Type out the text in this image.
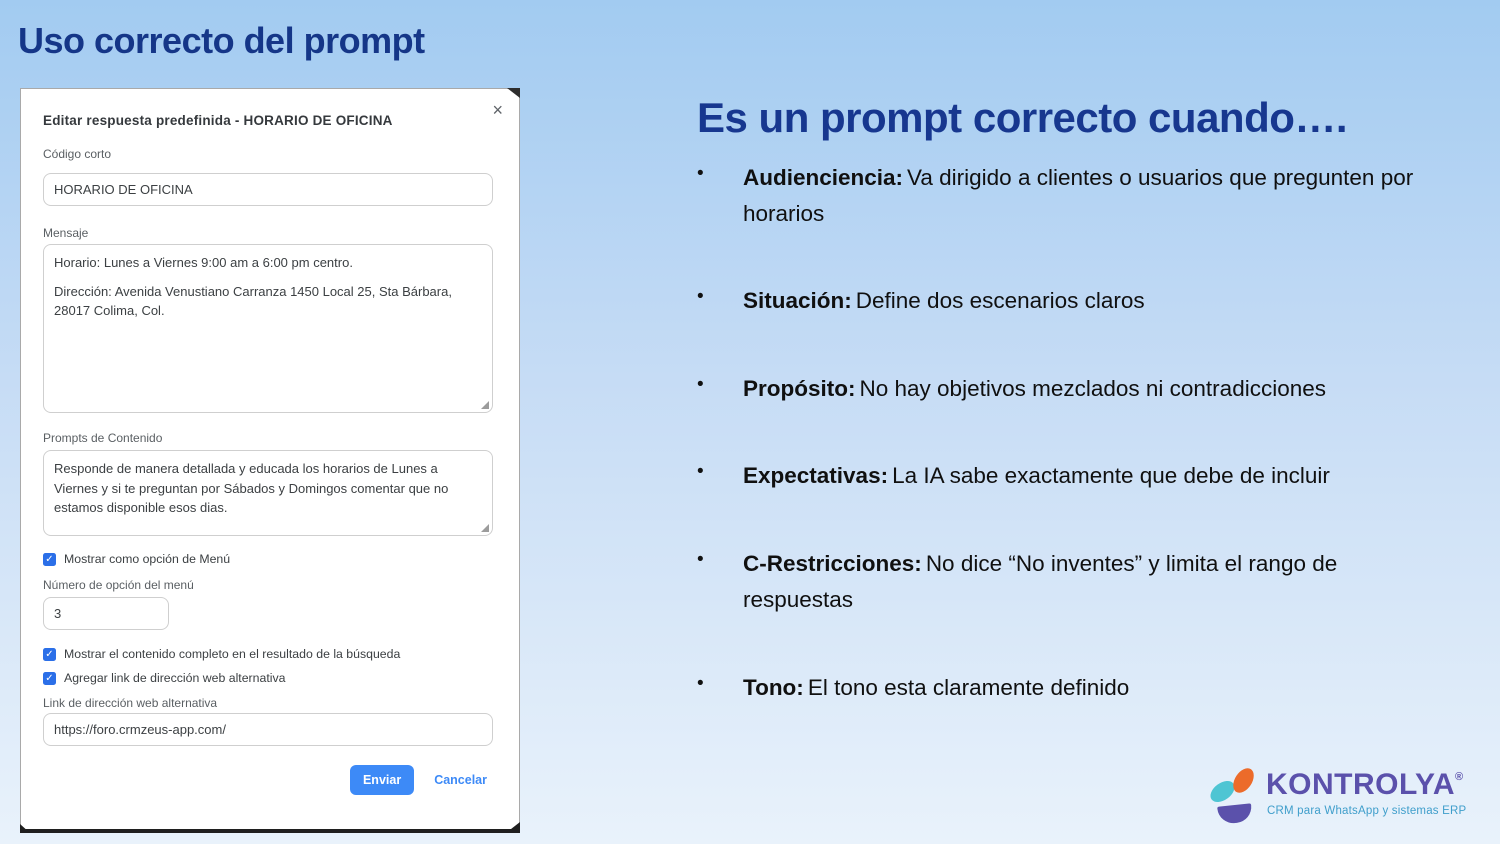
Uso correcto del prompt
Editar respuesta predefinida - HORARIO DE OFICINA
×
Código corto
HORARIO DE OFICINA
Mensaje

Horario: Lunes a Viernes 9:00 am a 6:00 pm centro.

Dirección: Avenida Venustiano Carranza 1450 Local 25, Sta Bárbara, 28017 Colima, Col.

Prompts de Contenido

Responde de manera detallada y educada los horarios de Lunes a Viernes y si te preguntan por Sábados y Domingos comentar que no estamos disponible esos dias.

✓ Mostrar como opción de Menú
Número de opción del menú
3
✓ Mostrar el contenido completo en el resultado de la búsqueda
✓ Agregar link de dirección web alternativa
Link de dirección web alternativa
https://foro.crmzeus-app.com/
Enviar	Cancelar
Es un prompt correcto cuando….
•	Audienciencia: Va dirigido a clientes o usuarios que pregunten por horarios
•	Situación: Define dos escenarios claros
•	Propósito: No hay objetivos mezclados ni contradicciones
•	Expectativas: La IA sabe exactamente que debe de incluir
•	C-Restricciones: No dice “No inventes” y limita el rango de respuestas
•	Tono: El tono esta claramente definido
KONTROLYA®
CRM para WhatsApp y sistemas ERP
